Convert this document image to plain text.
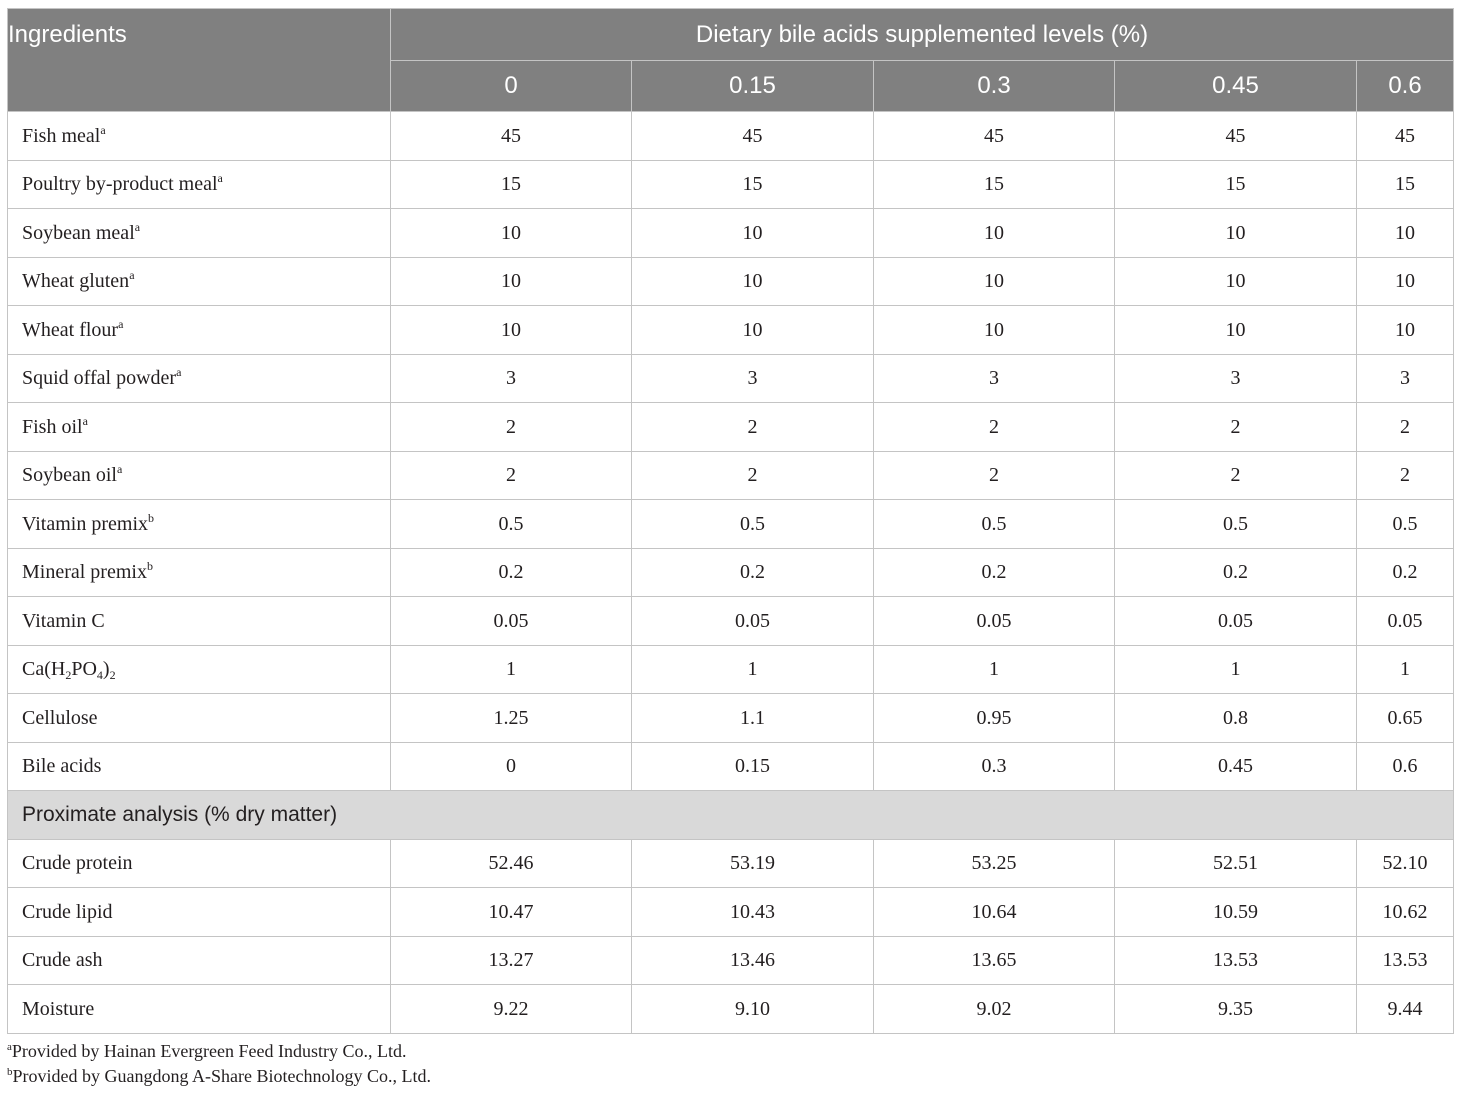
Ingredients	Dietary bile acids supplemented levels (%)				
	0	0.15	0.3	0.45	0.6
Fish meal$^a$	45	45	45	45	45
Poultry by-product meal$^a$	15	15	15	15	15
Soybean meal$^a$	10	10	10	10	10
Wheat gluten$^a$	10	10	10	10	10
Wheat flour$^a$	10	10	10	10	10
Squid offal powder$^a$	3	3	3	3	3
Fish oil$^a$	2	2	2	2	2
Soybean oil$^a$	2	2	2	2	2
Vitamin premix$^b$	0.5	0.5	0.5	0.5	0.5
Mineral premix$^b$	0.2	0.2	0.2	0.2	0.2
Vitamin C	0.05	0.05	0.05	0.05	0.05
$Ca(H_2PO_4)_2$	1	1	1	1	1
Cellulose	1.25	1.1	0.95	0.8	0.65
Bile acids	0	0.15	0.3	0.45	0.6
Proximate analysis (% dry matter)					
Crude protein	52.46	53.19	53.25	52.51	52.10
Crude lipid	10.47	10.43	10.64	10.59	10.62
Crude ash	13.27	13.46	13.65	13.53	13.53
Moisture	9.22	9.10	9.02	9.35	9.44
$^a$Provided by Hainan Evergreen Feed Industry Co., Ltd.
$^b$Provided by Guangdong A-Share Biotechnology Co., Ltd.
